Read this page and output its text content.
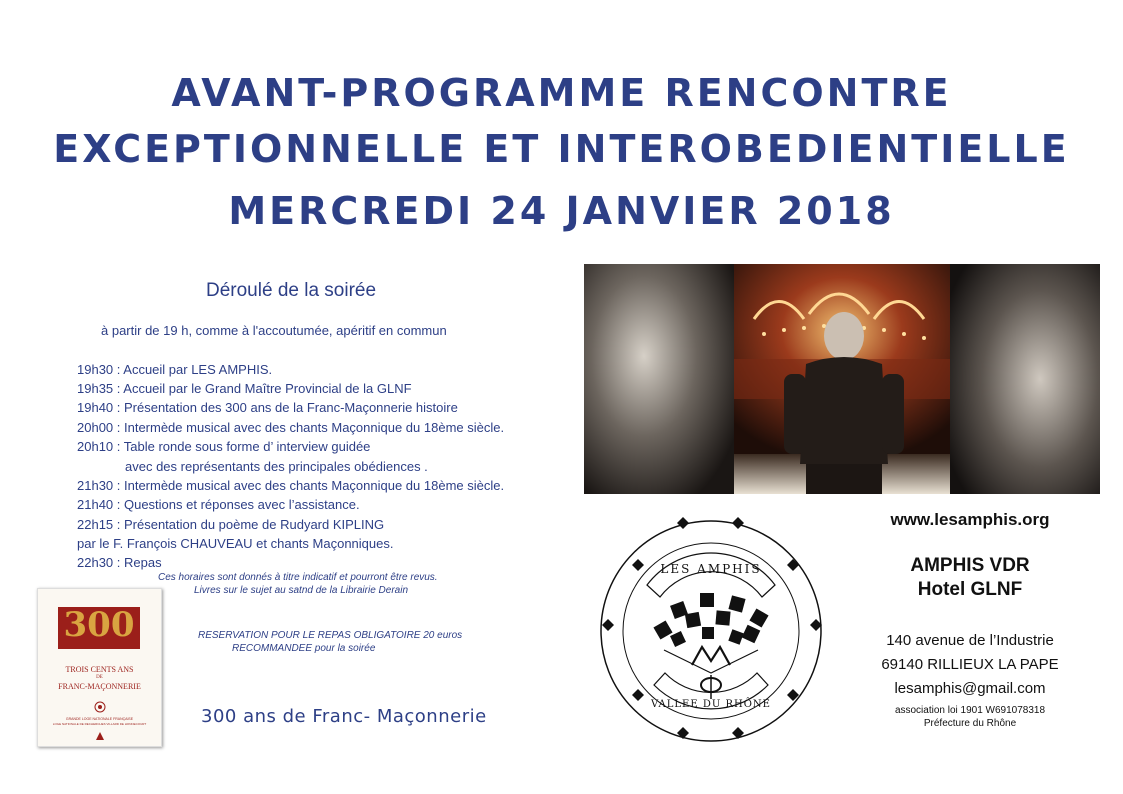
AVANT-PROGRAMME RENCONTRE
EXCEPTIONNELLE ET INTEROBEDIENTIELLE
MERCREDI 24 JANVIER 2018
Déroulé de la soirée
à partir de 19 h, comme à l'accoutumée, apéritif en commun
19h30 : Accueil par LES AMPHIS.
19h35 : Accueil par le Grand Maître Provincial de la GLNF
19h40 : Présentation des 300 ans de la Franc-Maçonnerie histoire
20h00 : Intermède musical avec des chants Maçonnique du 18ème siècle.
20h10 : Table ronde sous forme d’ interview guidée
avec des représentants des principales obédiences .
21h30 : Intermède musical avec des chants Maçonnique du 18ème siècle.
21h40 : Questions et réponses avec l’assistance.
22h15 : Présentation du poème de Rudyard KIPLING
par le F. François CHAUVEAU et chants Maçonniques.
22h30 : Repas
Ces horaires sont donnés à titre indicatif et pourront être revus.
Livres sur le sujet au satnd de la Librairie Derain
RESERVATION POUR LE REPAS OBLIGATOIRE 20 euros
RECOMMANDEE pour la soirée
300 ans de Franc- Maçonnerie
300
TROIS CENTS ANS
DE
FRANC-MAÇONNERIE
GRANDE LOGE NATIONALE FRANÇAISE
LOGE NATIONALE DE RECHERCHES VILLARD DE HONNECOURT
LES AMPHIS
VALLEE DU RHÔNE
www.lesamphis.org
AMPHIS VDR
Hotel GLNF
140 avenue de l’Industrie
69140 RILLIEUX LA PAPE
lesamphis@gmail.com
association loi 1901 W691078318
Préfecture du Rhône
